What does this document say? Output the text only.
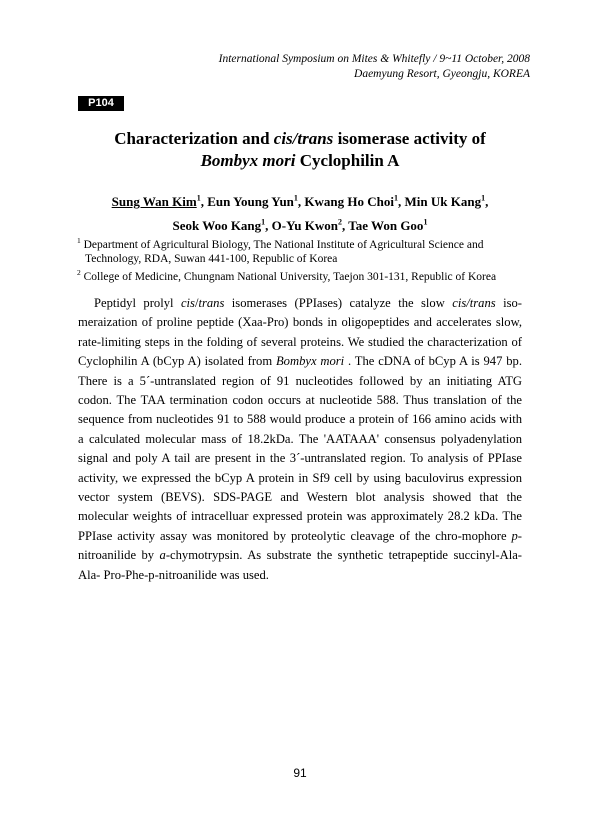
International Symposium on Mites & Whitefly / 9~11 October, 2008
Daemyung Resort, Gyeongju, KOREA
P104
Characterization and cis/trans isomerase activity of
Bombyx mori Cyclophilin A
Sung Wan Kim$^1$, Eun Young Yun$^1$, Kwang Ho Choi$^1$, Min Uk Kang$^1$,
Seok Woo Kang$^1$, O-Yu Kwon$^2$, Tae Won Goo$^1$

$^1$ Department of Agricultural Biology, The National Institute of Agricultural Science and

Technology, RDA, Suwan 441-100, Republic of Korea

$^2$ College of Medicine, Chungnam National University, Taejon 301-131, Republic of Korea

Peptidyl prolyl cis/trans isomerases (PPIases) catalyze the slow cis/trans iso-meraization of proline peptide (Xaa-Pro) bonds in oligopeptides and accelerates slow, rate-limiting steps in the folding of several proteins. We studied the characterization of Cyclophilin A (bCyp A) isolated from Bombyx mori . The cDNA of bCyp A is 947 bp. There is a 5´-untranslated region of 91 nucleotides followed by an initiating ATG codon. The TAA termination codon occurs at nucleotide 588. Thus translation of the sequence from nucleotides 91 to 588 would produce a protein of 166 amino acids with a calculated molecular mass of 18.2kDa. The 'AATAAA' consensus polyadenylation signal and poly A tail are present in the 3´-untranslated region. To analysis of PPIase activity, we expressed the bCyp A protein in Sf9 cell by using baculovirus expression vector system (BEVS). SDS-PAGE and Western blot analysis showed that the molecular weights of intracelluar expressed protein was approximately 28.2 kDa. The PPIase activity assay was monitored by proteolytic cleavage of the chro-mophore p-nitroanilide by a-chymotrypsin. As substrate the synthetic tetrapeptide succinyl-Ala-Ala- Pro-Phe-p-nitroanilide was used.

91
